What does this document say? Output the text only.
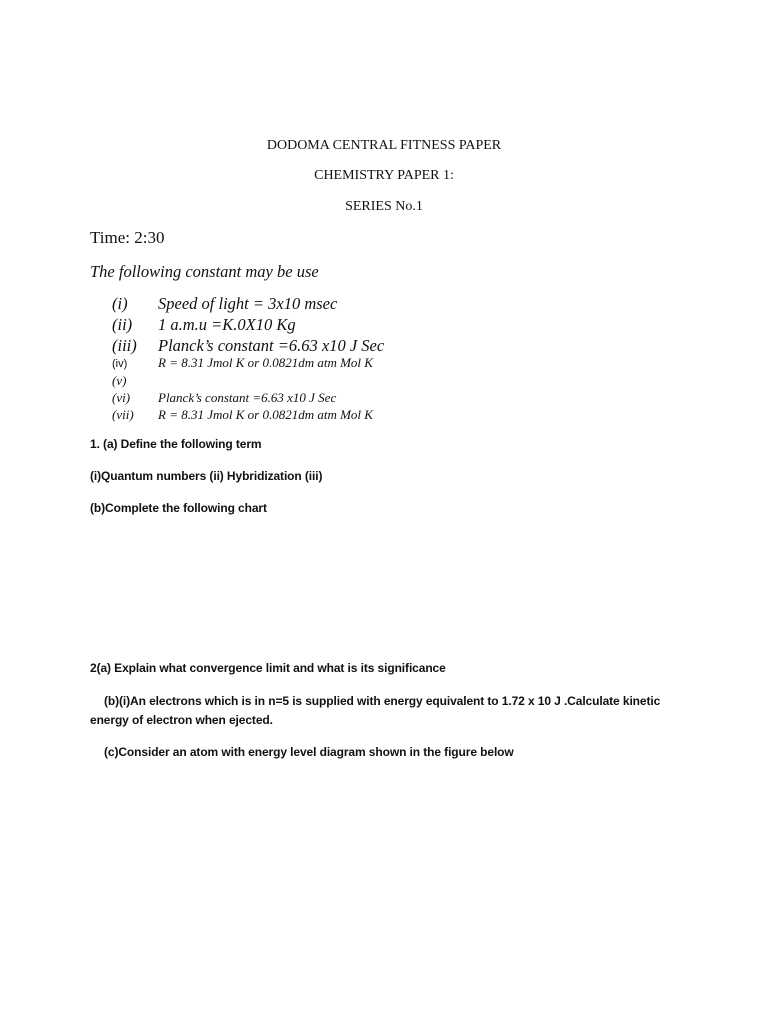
DODOMA CENTRAL FITNESS PAPER
CHEMISTRY PAPER 1:
SERIES No.1
Time: 2:30
The following constant may be use
(i) Speed of light = 3x10 msec
(ii) 1 a.m.u =K.0X10 Kg
(iii) Planck’s constant =6.63 x10 J Sec
(iv) R = 8.31 Jmol K or 0.0821dm atm Mol K
(v)
(vi) Planck’s constant =6.63 x10 J Sec
(vii) R = 8.31 Jmol K or 0.0821dm atm Mol K
1. (a) Define the following term
(i)Quantum numbers (ii) Hybridization (iii)
(b)Complete the following chart
2(a) Explain what convergence limit and what is its significance
(b)(i)An electrons which is in n=5 is supplied with energy equivalent to 1.72 x 10 J .Calculate kinetic
energy of electron when ejected.
(c)Consider an atom with energy level diagram shown in the figure below
